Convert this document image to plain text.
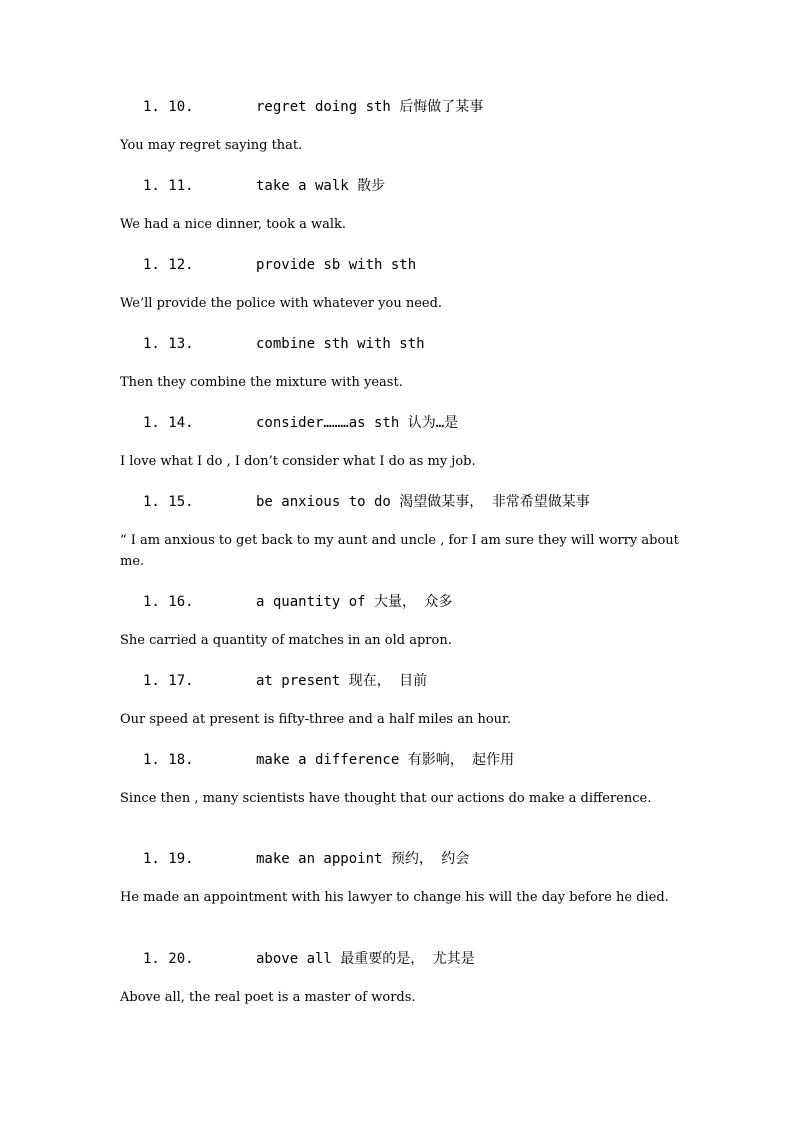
1. 10.	regret doing sth 后悔做了某事
You may regret saying that.
1. 11.	take a walk 散步
We had a nice dinner, took a walk.
1. 12.	provide sb with sth
We’ll provide the police with whatever you need.
1. 13.	combine sth with sth
Then they combine the mixture with yeast.
1. 14.	consider………as sth 认为…是
I love what I do , I don’t consider what I do as my job.
1. 15.	be anxious to do 渴望做某事， 非常希望做某事
“ I am anxious to get back to my aunt and uncle , for I am sure they will worry about me.
1. 16.	a quantity of 大量， 众多
She carried a quantity of matches in an old apron.
1. 17.	at present 现在， 目前
Our speed at present is fifty-three and a half miles an hour.
1. 18.	make a difference 有影响， 起作用
Since then , many scientists have thought that our actions do make a difference.
1. 19.	make an appoint 预约， 约会
He made an appointment with his lawyer to change his will the day before he died.
1. 20.	above all 最重要的是， 尤其是
Above all, the real poet is a master of words.
